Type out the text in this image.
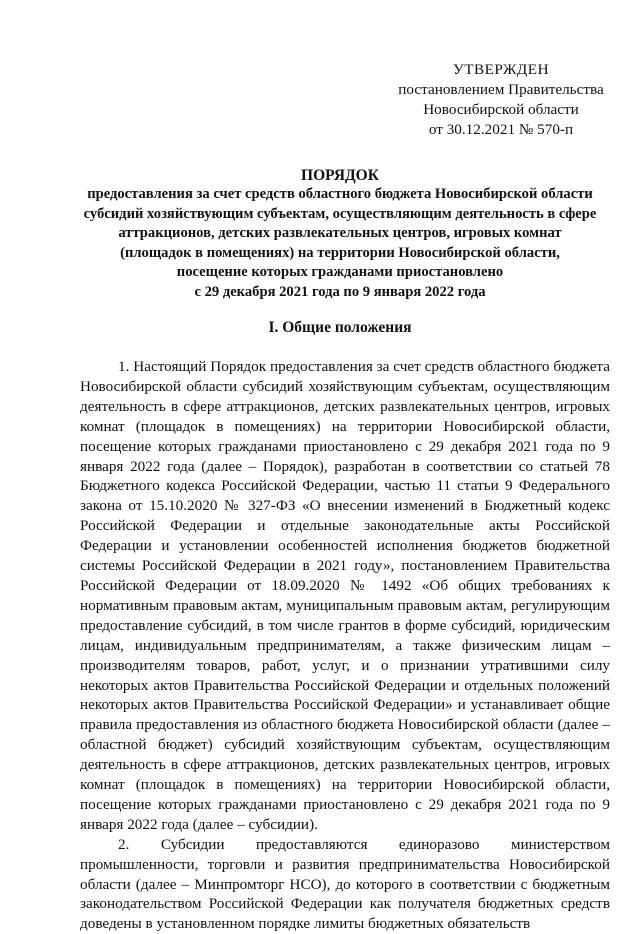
УТВЕРЖДЕН
постановлением Правительства
Новосибирской области
от 30.12.2021 № 570-п
ПОРЯДОК
предоставления за счет средств областного бюджета Новосибирской области
субсидий хозяйствующим субъектам, осуществляющим деятельность в сфере
аттракционов, детских развлекательных центров, игровых комнат
(площадок в помещениях) на территории Новосибирской области,
посещение которых гражданами приостановлено
с 29 декабря 2021 года по 9 января 2022 года
I. Общие положения

1. Настоящий Порядок предоставления за счет средств областного бюджета Новосибирской области субсидий хозяйствующим субъектам, осуществляющим деятельность в сфере аттракционов, детских развлекательных центров, игровых комнат (площадок в помещениях) на территории Новосибирской области, посещение которых гражданами приостановлено с 29 декабря 2021 года по 9 января 2022 года (далее – Порядок), разработан в соответствии со статьей 78 Бюджетного кодекса Российской Федерации, частью 11 статьи 9 Федерального закона от 15.10.2020 № 327-ФЗ «О внесении изменений в Бюджетный кодекс Российской Федерации и отдельные законодательные акты Российской Федерации и установлении особенностей исполнения бюджетов бюджетной системы Российской Федерации в 2021 году», постановлением Правительства Российской Федерации от 18.09.2020 № 1492 «Об общих требованиях к нормативным правовым актам, муниципальным правовым актам, регулирующим предоставление субсидий, в том числе грантов в форме субсидий, юридическим лицам, индивидуальным предпринимателям, а также физическим лицам – производителям товаров, работ, услуг, и о признании утратившими силу некоторых актов Правительства Российской Федерации и отдельных положений некоторых актов Правительства Российской Федерации» и устанавливает общие правила предоставления из областного бюджета Новосибирской области (далее – областной бюджет) субсидий хозяйствующим субъектам, осуществляющим деятельность в сфере аттракционов, детских развлекательных центров, игровых комнат (площадок в помещениях) на территории Новосибирской области, посещение которых гражданами приостановлено с 29 декабря 2021 года по 9 января 2022 года (далее – субсидии).

2. Субсидии предоставляются единоразово министерством промышленности, торговли и развития предпринимательства Новосибирской области (далее – Минпромторг НСО), до которого в соответствии с бюджетным законодательством Российской Федерации как получателя бюджетных средств доведены в установленном порядке лимиты бюджетных обязательств
